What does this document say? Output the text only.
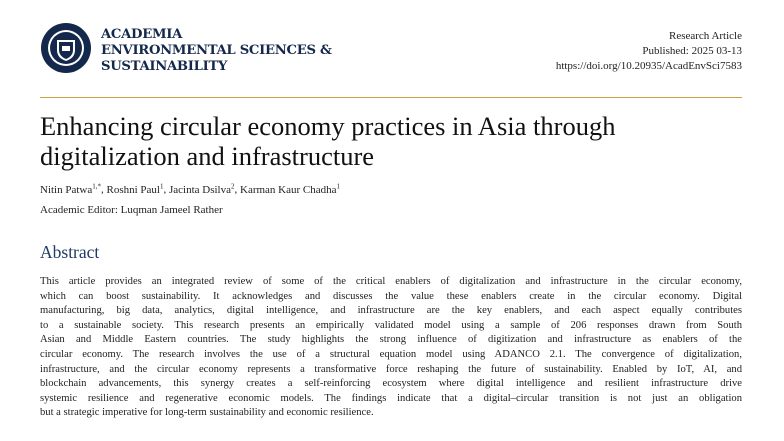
ACADEMIA
ENVIRONMENTAL SCIENCES &
SUSTAINABILITY
Research Article
Published: 2025 03-13
https://doi.org/10.20935/AcadEnvSci7583
Enhancing circular economy practices in Asia through
digitalization and infrastructure
Nitin Patwa$^{1,*}$, Roshni Paul$^1$, Jacinta Dsilva$^2$, Karman Kaur Chadha$^1$
Academic Editor: Luqman Jameel Rather
Abstract
This article provides an integrated review of some of the critical enablers of digitalization and infrastructure in the circular economy,
which can boost sustainability. It acknowledges and discusses the value these enablers create in the circular economy. Digital
manufacturing, big data, analytics, digital intelligence, and infrastructure are the key enablers, and each aspect equally contributes
to a sustainable society. This research presents an empirically validated model using a sample of 206 responses drawn from South
Asian and Middle Eastern countries. The study highlights the strong influence of digitization and infrastructure as enablers of the
circular economy. The research involves the use of a structural equation model using ADANCO 2.1. The convergence of digitalization,
infrastructure, and the circular economy represents a transformative force reshaping the future of sustainability. Enabled by IoT, AI, and
blockchain advancements, this synergy creates a self-reinforcing ecosystem where digital intelligence and resilient infrastructure drive
systemic resilience and regenerative economic models. The findings indicate that a digital–circular transition is not just an obligation
but a strategic imperative for long-term sustainability and economic resilience.
